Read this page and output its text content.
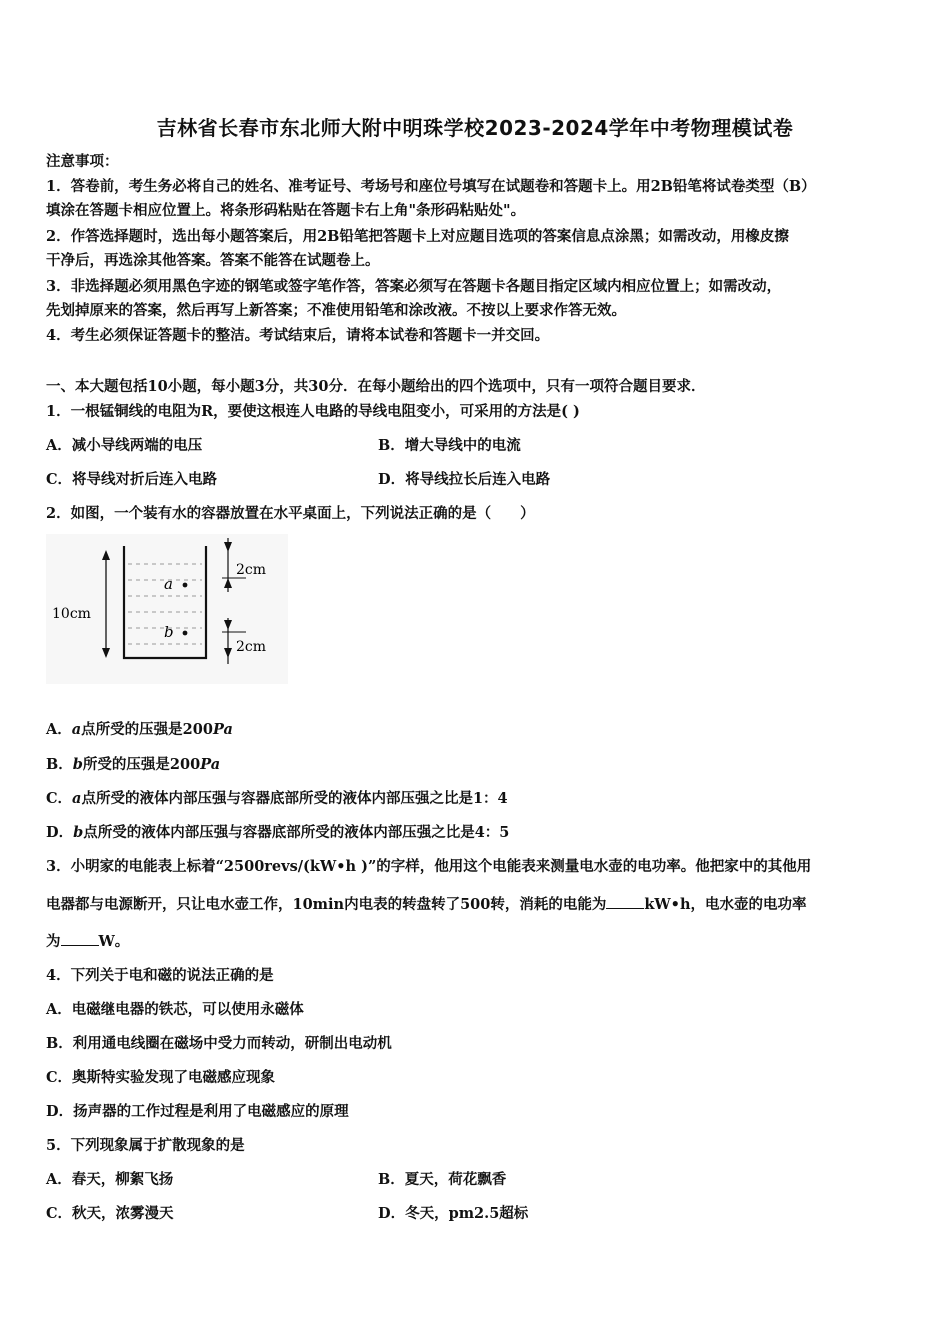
吉林省长春市东北师大附中明珠学校2023-2024学年中考物理模试卷
注意事项：
1．答卷前，考生务必将自己的姓名、准考证号、考场号和座位号填写在试题卷和答题卡上。用2B铅笔将试卷类型（B）
填涂在答题卡相应位置上。将条形码粘贴在答题卡右上角"条形码粘贴处"。
2．作答选择题时，选出每小题答案后，用2B铅笔把答题卡上对应题目选项的答案信息点涂黑；如需改动，用橡皮擦
干净后，再选涂其他答案。答案不能答在试题卷上。
3．非选择题必须用黑色字迹的钢笔或签字笔作答，答案必须写在答题卡各题目指定区域内相应位置上；如需改动，
先划掉原来的答案，然后再写上新答案；不准使用铅笔和涂改液。不按以上要求作答无效。
4．考生必须保证答题卡的整洁。考试结束后，请将本试卷和答题卡一并交回。
一、本大题包括10小题，每小题3分，共30分．在每小题给出的四个选项中，只有一项符合题目要求．
1．一根锰铜线的电阻为R，要使这根连人电路的导线电阻变小，可采用的方法是( )
A．减小导线两端的电压	B．增大导线中的电流
C．将导线对折后连入电路	D．将导线拉长后连入电路
2．如图，一个装有水的容器放置在水平桌面上，下列说法正确的是（　　）
10cm
2cm
2cm
a
b
A．a点所受的压强是200Pa
B．b所受的压强是200Pa
C．a点所受的液体内部压强与容器底部所受的液体内部压强之比是1：4
D．b点所受的液体内部压强与容器底部所受的液体内部压强之比是4：5
3．小明家的电能表上标着“2500revs/(kW•h )”的字样，他用这个电能表来测量电水壶的电功率。他把家中的其他用
电器都与电源断开，只让电水壶工作，10min内电表的转盘转了500转，消耗的电能为	kW•h，电水壶的电功率
为	W。
4．下列关于电和磁的说法正确的是
A．电磁继电器的铁芯，可以使用永磁体
B．利用通电线圈在磁场中受力而转动，研制出电动机
C．奥斯特实验发现了电磁感应现象
D．扬声器的工作过程是利用了电磁感应的原理
5．下列现象属于扩散现象的是
A．春天，柳絮飞扬	B．夏天，荷花飘香
C．秋天，浓雾漫天	D．冬天，pm2.5超标
